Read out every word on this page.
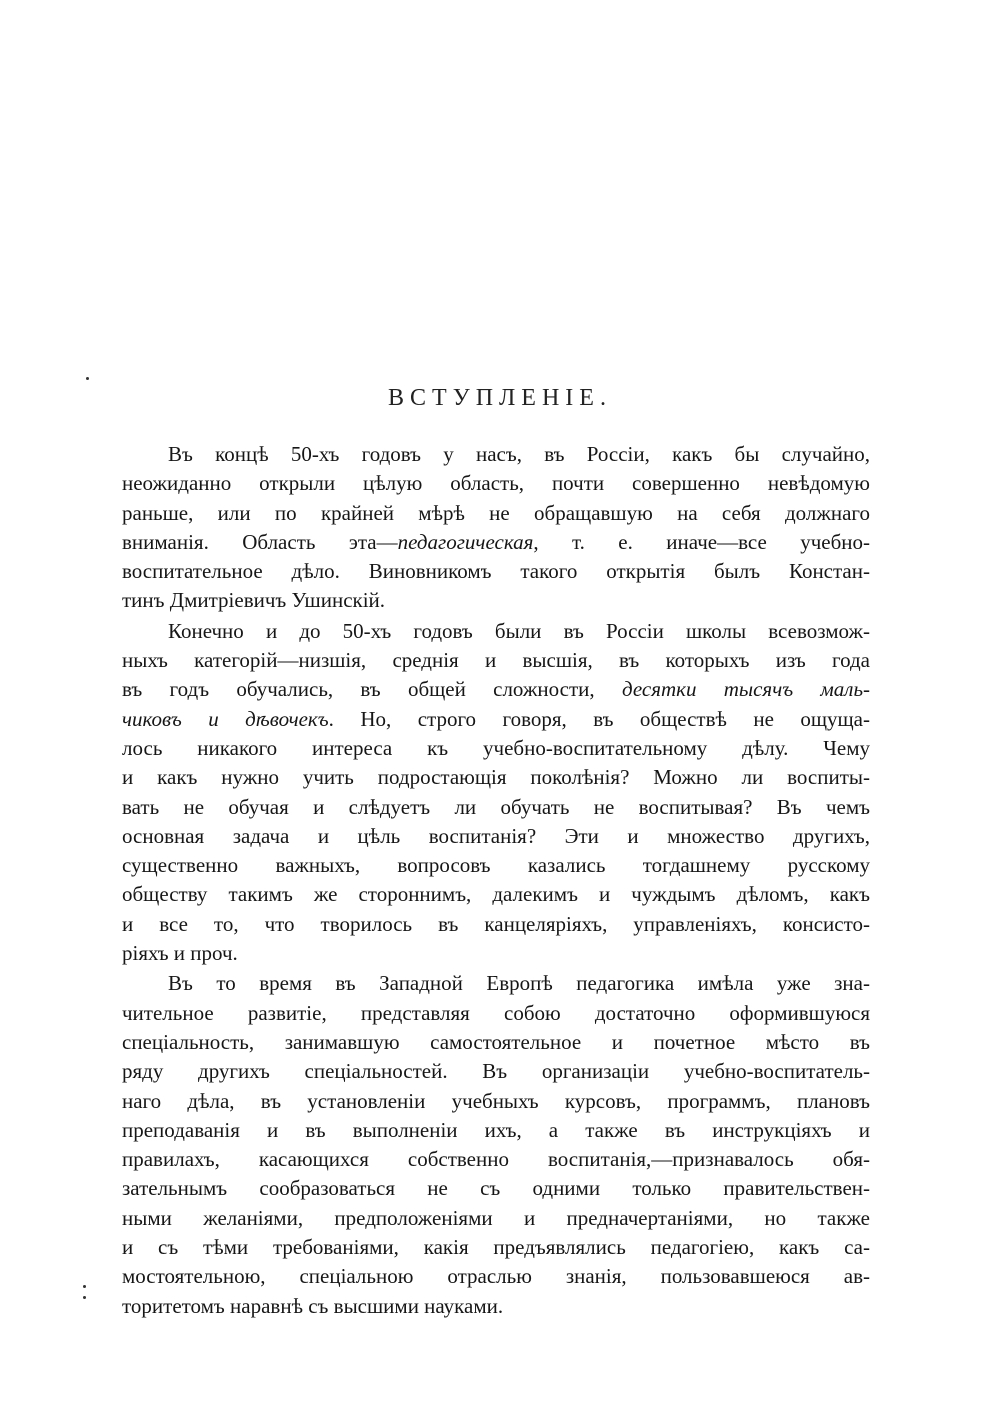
ВСТУПЛЕНІЕ.
Въ концѣ 50-хъ годовъ у насъ, въ Россіи, какъ бы случайно,
неожиданно открыли цѣлую область, почти совершенно невѣдомую
раньше, или по крайней мѣрѣ не обращавшую на себя должнаго
вниманія. Область эта—педагогическая, т. е. иначе—все учебно-
воспитательное дѣло. Виновникомъ такого открытія былъ Констан-
тинъ Дмитріевичъ Ушинскій.
Конечно и до 50-хъ годовъ были въ Россіи школы всевозмож-
ныхъ категорій—низшія, среднія и высшія, въ которыхъ изъ года
въ годъ обучались, въ общей сложности, десятки тысячъ маль-
чиковъ и дѣвочекъ. Но, строго говоря, въ обществѣ не ощуща-
лось никакого интереса къ учебно-воспитательному дѣлу. Чему
и какъ нужно учить подростающія поколѣнія? Можно ли воспиты-
вать не обучая и слѣдуетъ ли обучать не воспитывая? Въ чемъ
основная задача и цѣль воспитанія? Эти и множество другихъ,
существенно важныхъ, вопросовъ казались тогдашнему русскому
обществу такимъ же стороннимъ, далекимъ и чуждымъ дѣломъ, какъ
и все то, что творилось въ канцеляріяхъ, управленіяхъ, консисто-
ріяхъ и проч.
Въ то время въ Западной Европѣ педагогика имѣла уже зна-
чительное развитіе, представляя собою достаточно оформившуюся
спеціальность, занимавшую самостоятельное и почетное мѣсто въ
ряду другихъ спеціальностей. Въ организаціи учебно-воспитатель-
наго дѣла, въ установленіи учебныхъ курсовъ, программъ, плановъ
преподаванія и въ выполненіи ихъ, а также въ инструкціяхъ и
правилахъ, касающихся собственно воспитанія,—признавалось обя-
зательнымъ сообразоваться не съ одними только правительствен-
ными желаніями, предположеніями и предначертаніями, но также
и съ тѣми требованіями, какія предъявлялись педагогіею, какъ са-
мостоятельною, спеціальною отраслью знанія, пользовавшеюся ав-
торитетомъ наравнѣ съ высшими науками.
